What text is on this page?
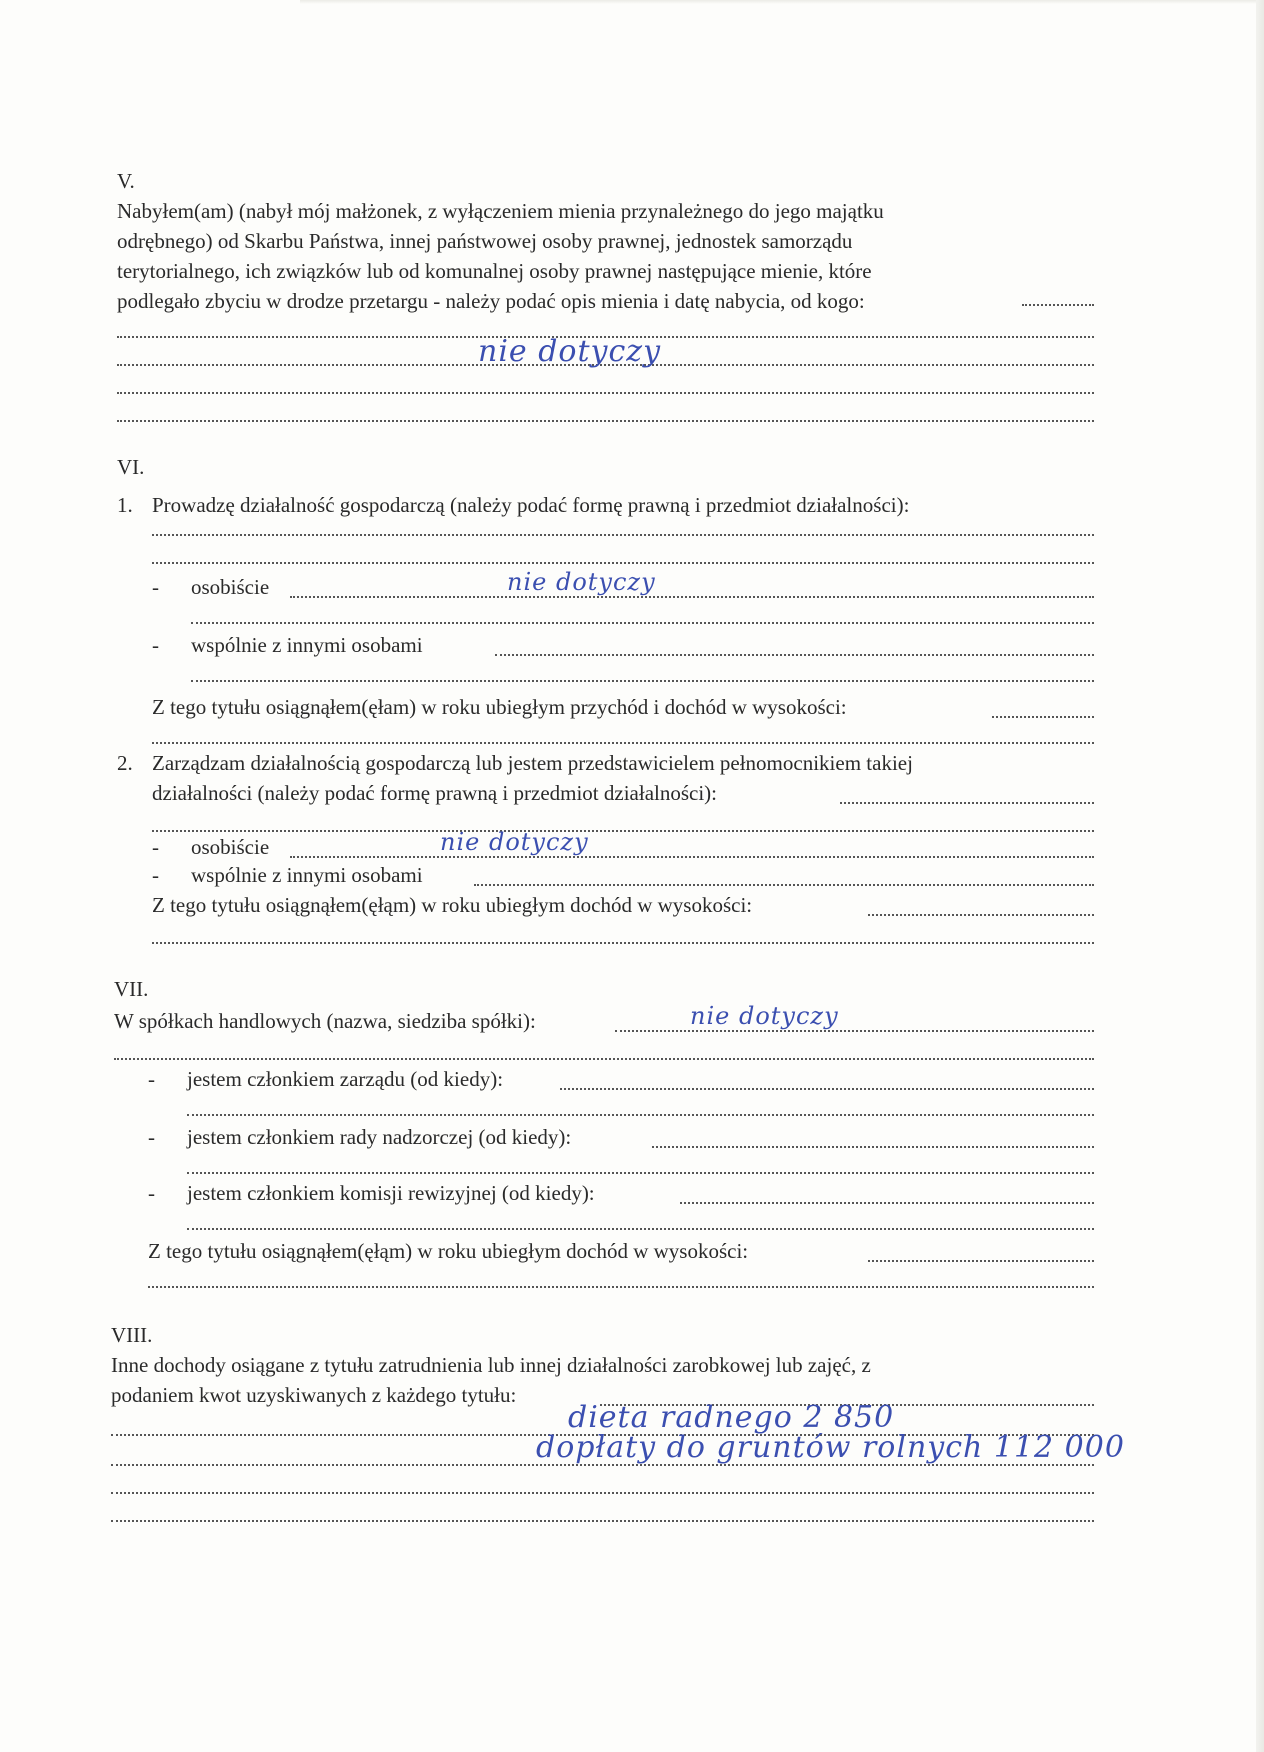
V.
Nabyłem(am) (nabył mój małżonek, z wyłączeniem mienia przynależnego do jego majątku
odrębnego) od Skarbu Państwa, innej państwowej osoby prawnej, jednostek samorządu
terytorialnego, ich związków lub od komunalnej osoby prawnej następujące mienie, które
podlegało zbyciu w drodze przetargu - należy podać opis mienia i datę nabycia, od kogo:
nie dotyczy
VI.
1. Prowadzę działalność gospodarczą (należy podać formę prawną i przedmiot działalności):
- osobiście	nie dotyczy
- wspólnie z innymi osobami
Z tego tytułu osiągnąłem(ęłam) w roku ubiegłym przychód i dochód w wysokości:
2. Zarządzam działalnością gospodarczą lub jestem przedstawicielem pełnomocnikiem takiej
działalności (należy podać formę prawną i przedmiot działalności):
- osobiście	nie dotyczy
- wspólnie z innymi osobami
Z tego tytułu osiągnąłem(ęłąm) w roku ubiegłym dochód w wysokości:
VII.
W spółkach handlowych (nazwa, siedziba spółki):	nie dotyczy
- jestem członkiem zarządu (od kiedy):
- jestem członkiem rady nadzorczej (od kiedy):
- jestem członkiem komisji rewizyjnej (od kiedy):
Z tego tytułu osiągnąłem(ęłąm) w roku ubiegłym dochód w wysokości:
VIII.
Inne dochody osiągane z tytułu zatrudnienia lub innej działalności zarobkowej lub zajęć, z
podaniem kwot uzyskiwanych z każdego tytułu:
dieta radnego 2 850
dopłaty do gruntów rolnych 112 000
